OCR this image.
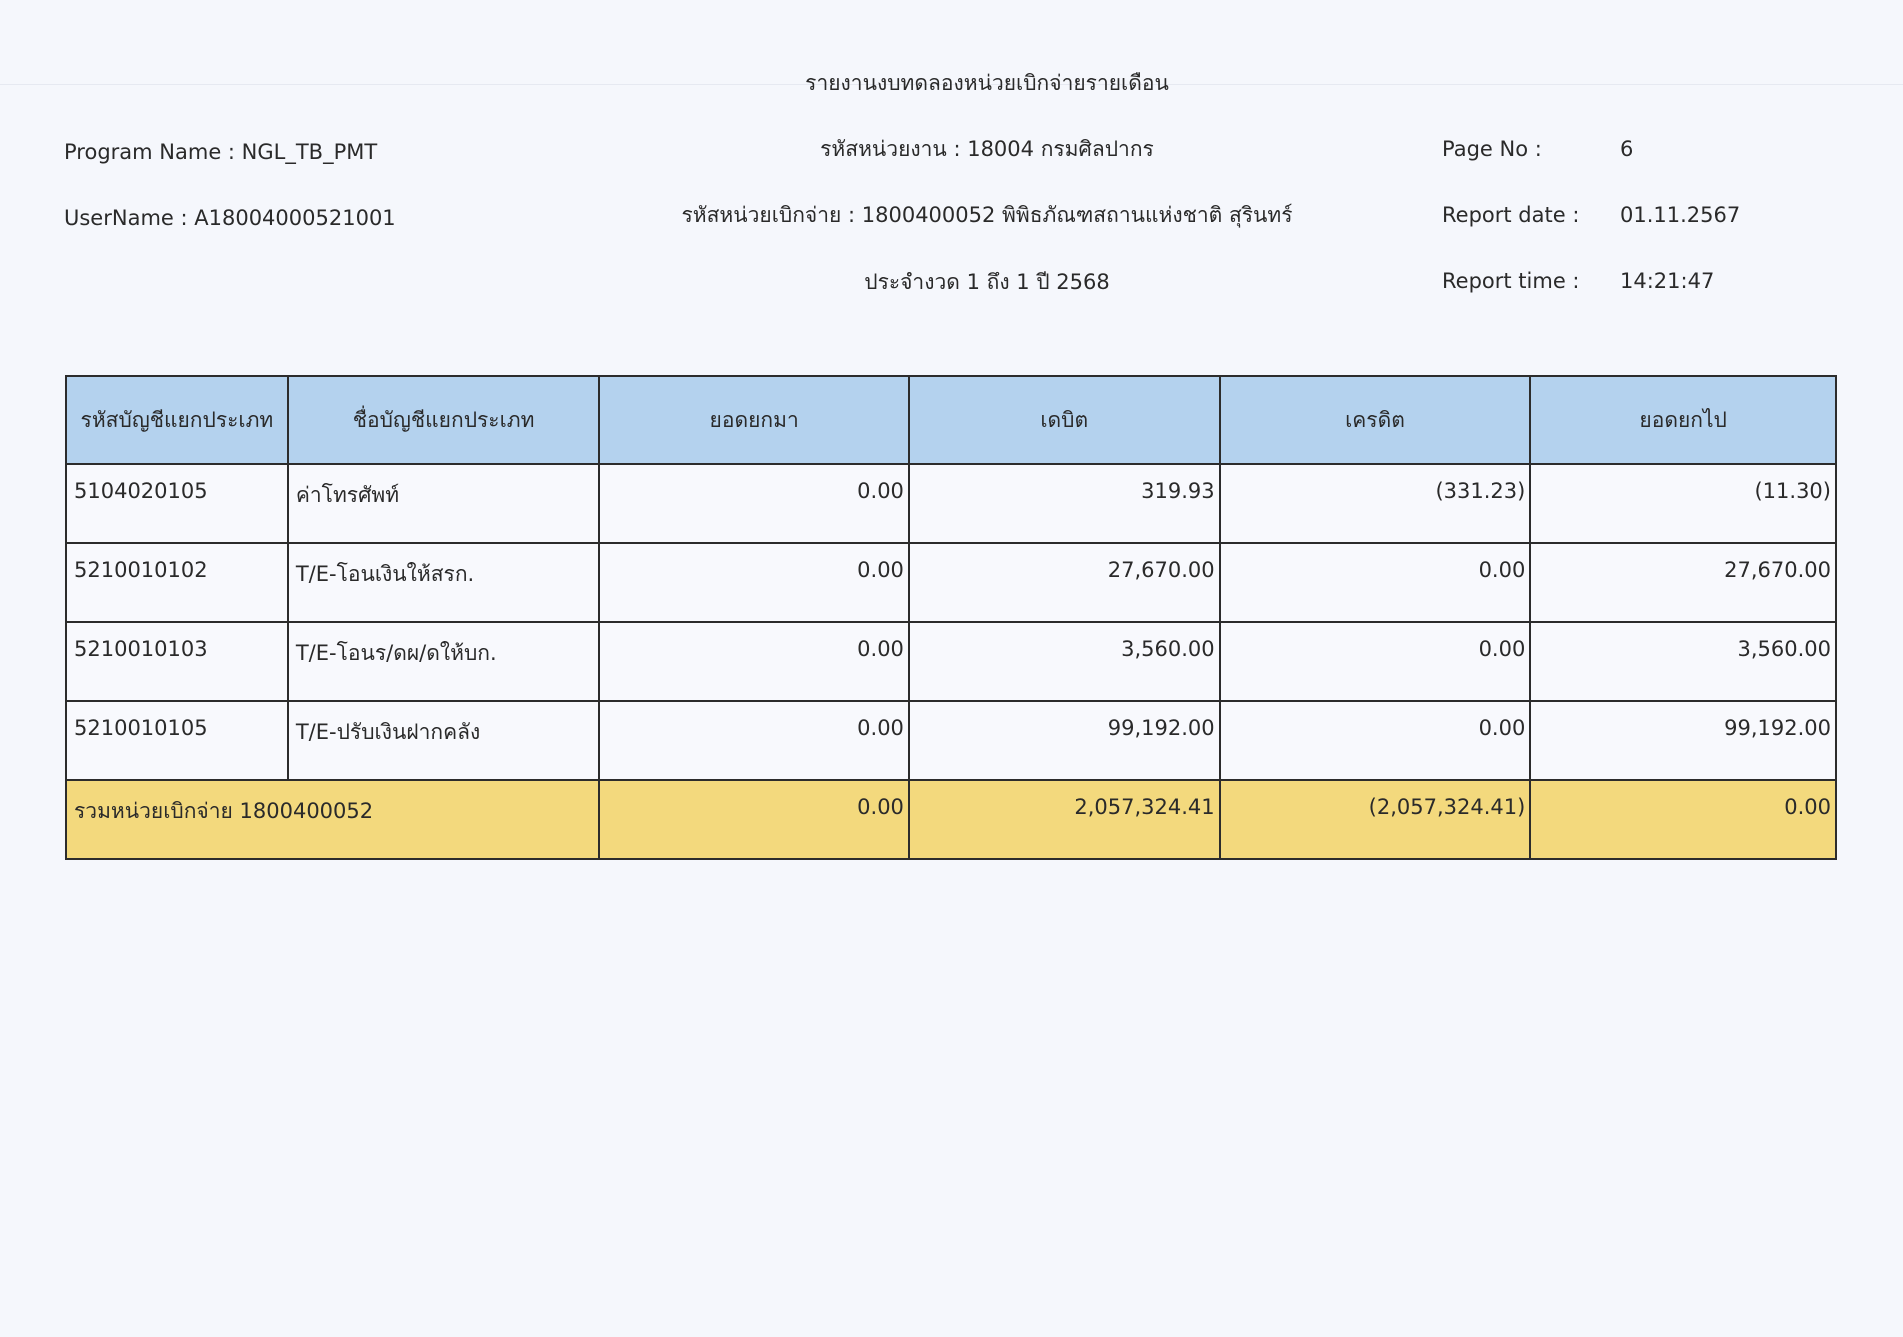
รายงานงบทดลองหน่วยเบิกจ่ายรายเดือน
Program Name : NGL_TB_PMT	รหัสหน่วยงาน : 18004 กรมศิลปากร	Page No :	6
UserName : A18004000521001	รหัสหน่วยเบิกจ่าย : 1800400052 พิพิธภัณฑสถานแห่งชาติ สุรินทร์	Report date : 01.11.2567
ประจำงวด 1 ถึง 1 ปี 2568	Report time : 14:21:47
รหัสบัญชีแยกประเภท	ชื่อบัญชีแยกประเภท	ยอดยกมา	เดบิต	เครดิต	ยอดยกไป
5104020105	ค่าโทรศัพท์	0.00	319.93	(331.23)	(11.30)
5210010102	T/E-โอนเงินให้สรก.	0.00	27,670.00	0.00	27,670.00
5210010103	T/E-โอนร/ดผ/ดให้บก.	0.00	3,560.00	0.00	3,560.00
5210010105	T/E-ปรับเงินฝากคลัง	0.00	99,192.00	0.00	99,192.00
รวมหน่วยเบิกจ่าย 1800400052		0.00	2,057,324.41	(2,057,324.41)	0.00
